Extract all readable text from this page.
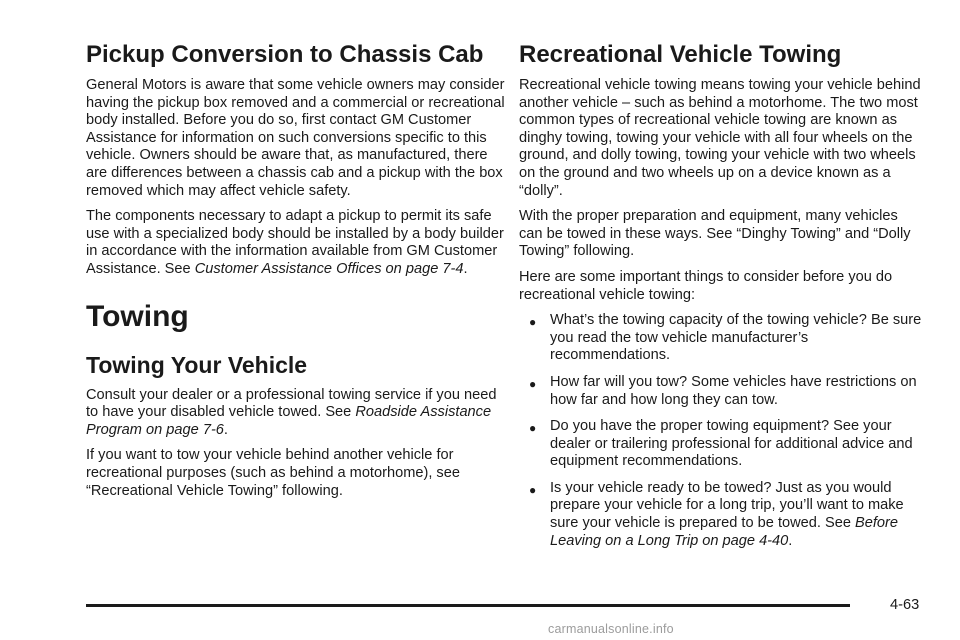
Pickup Conversion to Chassis Cab

General Motors is aware that some vehicle owners may consider having the pickup box removed and a commercial or recreational body installed. Before you do so, first contact GM Customer Assistance for information on such conversions specific to this vehicle. Owners should be aware that, as manufactured, there are differences between a chassis cab and a pickup with the box removed which may affect vehicle safety.

The components necessary to adapt a pickup to permit its safe use with a specialized body should be installed by a body builder in accordance with the information available from GM Customer Assistance. See Customer Assistance Offices on page 7-4.

Towing
Towing Your Vehicle

Consult your dealer or a professional towing service if you need to have your disabled vehicle towed. See Roadside Assistance Program on page 7-6.

If you want to tow your vehicle behind another vehicle for recreational purposes (such as behind a motorhome), see “Recreational Vehicle Towing” following.

Recreational Vehicle Towing

Recreational vehicle towing means towing your vehicle behind another vehicle – such as behind a motorhome. The two most common types of recreational vehicle towing are known as dinghy towing, towing your vehicle with all four wheels on the ground, and dolly towing, towing your vehicle with two wheels on the ground and two wheels up on a device known as a “dolly”.

With the proper preparation and equipment, many vehicles can be towed in these ways. See “Dinghy Towing” and “Dolly Towing” following.

Here are some important things to consider before you do recreational vehicle towing:

● What’s the towing capacity of the towing vehicle? Be sure you read the tow vehicle manufacturer’s recommendations.
● How far will you tow? Some vehicles have restrictions on how far and how long they can tow.
● Do you have the proper towing equipment? See your dealer or trailering professional for additional advice and equipment recommendations.
● Is your vehicle ready to be towed? Just as you would prepare your vehicle for a long trip, you’ll want to make sure your vehicle is prepared to be towed. See Before Leaving on a Long Trip on page 4-40.
4-63
carmanualsonline.info
